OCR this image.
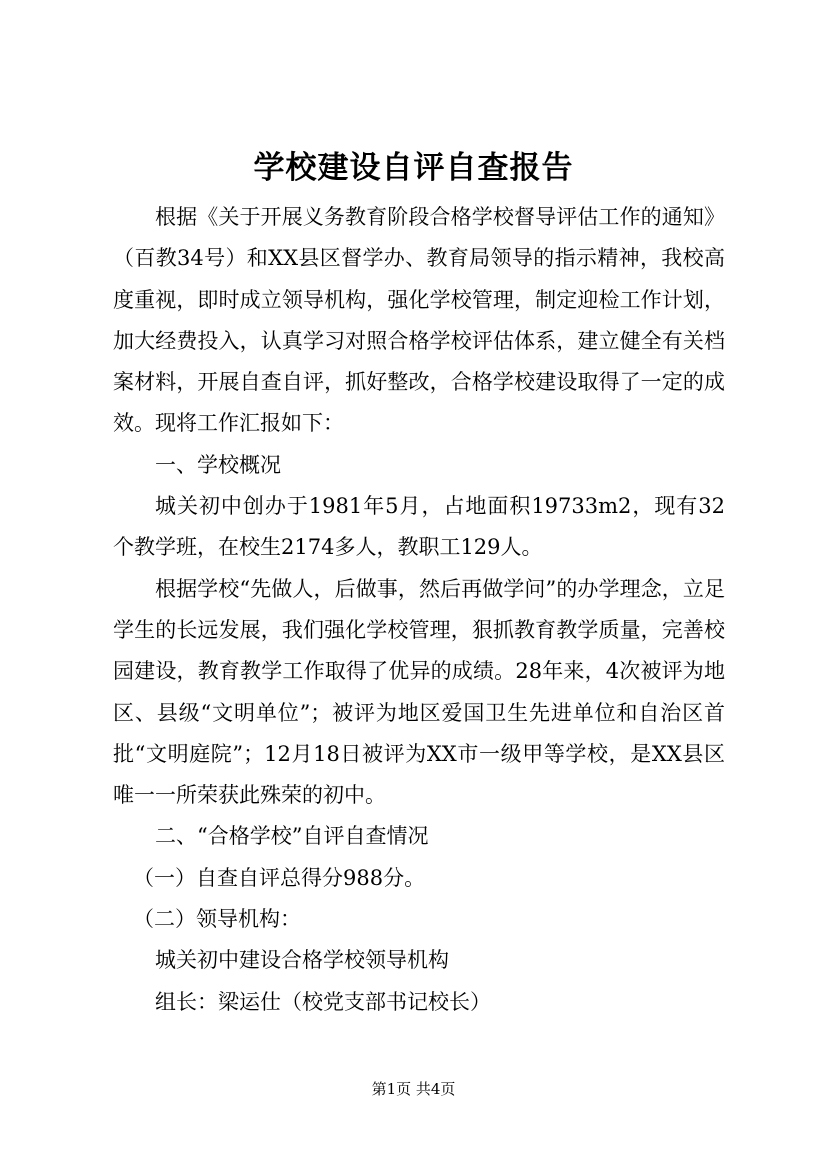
学校建设自评自查报告

根据《关于开展义务教育阶段合格学校督导评估工作的通知》（百教34号）和XX县区督学办、教育局领导的指示精神，我校高度重视，即时成立领导机构，强化学校管理，制定迎检工作计划，加大经费投入，认真学习对照合格学校评估体系，建立健全有关档案材料，开展自查自评，抓好整改，合格学校建设取得了一定的成效。现将工作汇报如下：

一、学校概况

城关初中创办于1981年5月，占地面积19733m2，现有32个教学班，在校生2174多人，教职工129人。

根据学校“先做人，后做事，然后再做学问”的办学理念，立足学生的长远发展，我们强化学校管理，狠抓教育教学质量，完善校园建设，教育教学工作取得了优异的成绩。28年来，4次被评为地区、县级“文明单位”；被评为地区爱国卫生先进单位和自治区首批“文明庭院”；12月18日被评为XX市一级甲等学校，是XX县区唯一一所荣获此殊荣的初中。

二、“合格学校”自评自查情况

（一）自查自评总得分988分。

（二）领导机构：

城关初中建设合格学校领导机构

组长：梁运仕（校党支部书记校长）

第1页 共4页
